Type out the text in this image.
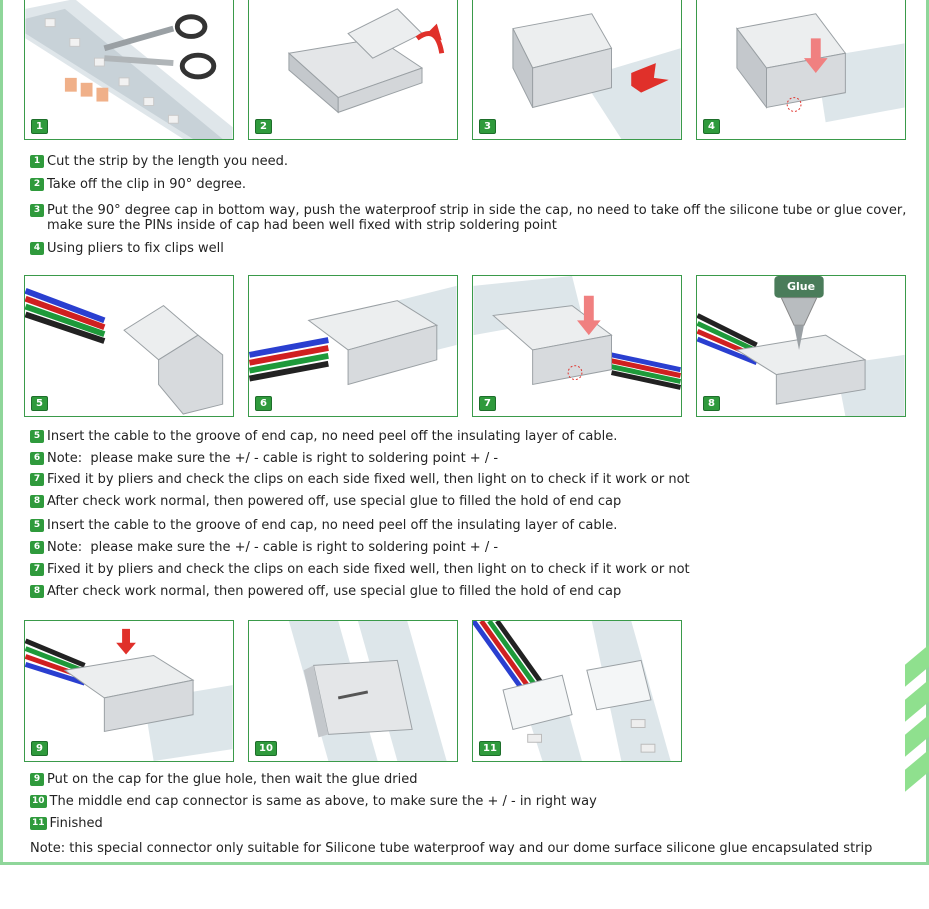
1	2	3	4
1 Cut the strip by the length you need.
2 Take off the clip in 90° degree.
3 Put the 90° degree cap in bottom way, push the waterproof strip in side the cap, no need to take off the silicone tube or glue cover, make sure the PINs inside of cap had been well fixed with strip soldering point
4 Using pliers to fix clips well
5	6	7
Glue
8
5 Insert the cable to the groove of end cap, no need peel off the insulating layer of cable.
6 Note:  please make sure the +/ - cable is right to soldering point + / -
7 Fixed it by pliers and check the clips on each side fixed well, then light on to check if it work or not
8 After check work normal, then powered off, use special glue to filled the hold of end cap
5 Insert the cable to the groove of end cap, no need peel off the insulating layer of cable.
6 Note:  please make sure the +/ - cable is right to soldering point + / -
7 Fixed it by pliers and check the clips on each side fixed well, then light on to check if it work or not
8 After check work normal, then powered off, use special glue to filled the hold of end cap
9	10	11
9 Put on the cap for the glue hole, then wait the glue dried
10 The middle end cap connector is same as above, to make sure the + / - in right way
11 Finished
Note: this special connector only suitable for Silicone tube waterproof way and our dome surface silicone glue encapsulated strip
